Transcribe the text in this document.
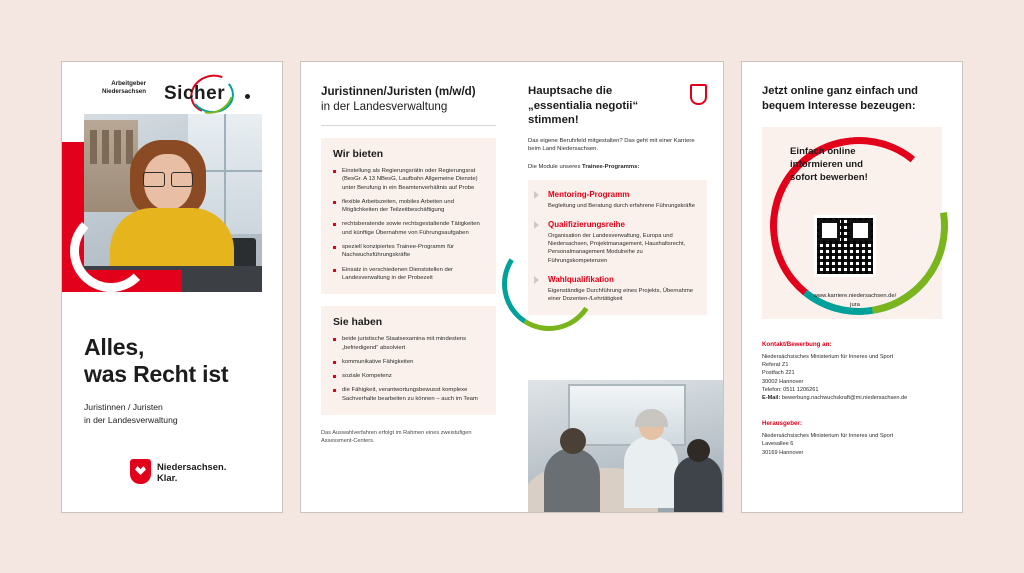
Arbeitgeber
Niedersachsen Sicher
Alles,
was Recht ist
Juristinnen / Juristen
in der Landesverwaltung
Niedersachsen.
Klar.
Juristinnen/Juristen (m/w/d)
in der Landesverwaltung
Wir bieten
Einstellung als Regierungsrätin oder Regierungsrat (BesGr. A 13 NBesG, Laufbahn Allgemeine Dienste) unter Berufung in ein Beamtenverhältnis auf Probe
flexible Arbeitszeiten, mobiles Arbeiten und Möglichkeiten der Teilzeitbeschäftigung
rechtsberatende sowie rechtsgestaltende Tätigkeiten und künftige Übernahme von Führungsaufgaben
speziell konzipiertes Trainee-Programm für Nachwuchsführungskräfte
Einsatz in verschiedenen Dienststellen der Landesverwaltung in der Probezeit
Sie haben
beide juristische Staatsexamina mit mindestens „befriedigend“ absolviert
kommunikative Fähigkeiten
soziale Kompetenz
die Fähigkeit, verantwortungsbewusst komplexe Sachverhalte bearbeiten zu können – auch im Team
Das Auswahlverfahren erfolgt im Rahmen eines zweistufigen Assessment-Centers.
Hauptsache die
„essentialia negotii“ stimmen!
Das eigene Berufsfeld mitgestalten? Das geht mit einer Karriere beim Land Niedersachsen.
Die Module unseres Trainee-Programms:
Mentoring-Programm

Begleitung und Beratung durch erfahrene Führungskräfte

Qualifizierungsreihe

Organisation der Landesverwaltung, Europa und Niedersachsen, Projektmanagement, Haushaltsrecht, Personalmanagement Modulreihe zu Führungskompetenzen

Wahlqualifikation

Eigenständige Durchführung eines Projekts, Übernahme einer Dozenten-/Lehrtätigkeit

Jetzt online ganz einfach und
bequem Interesse bezeugen:
Einfach online
informieren und
sofort bewerben!
www.karriere.niedersachsen.de/
jura
Kontakt/Bewerbung an:

Niedersächsisches Ministerium für Inneres und Sport

Referat Z1

Postfach 221

30002 Hannover

Telefon: 0511 1206261

E-Mail: bewerbung.nachwuchskraft@mi.niedersachsen.de

Herausgeber:

Niedersächsisches Ministerium für Inneres und Sport

Lavesallee 6

30169 Hannover
